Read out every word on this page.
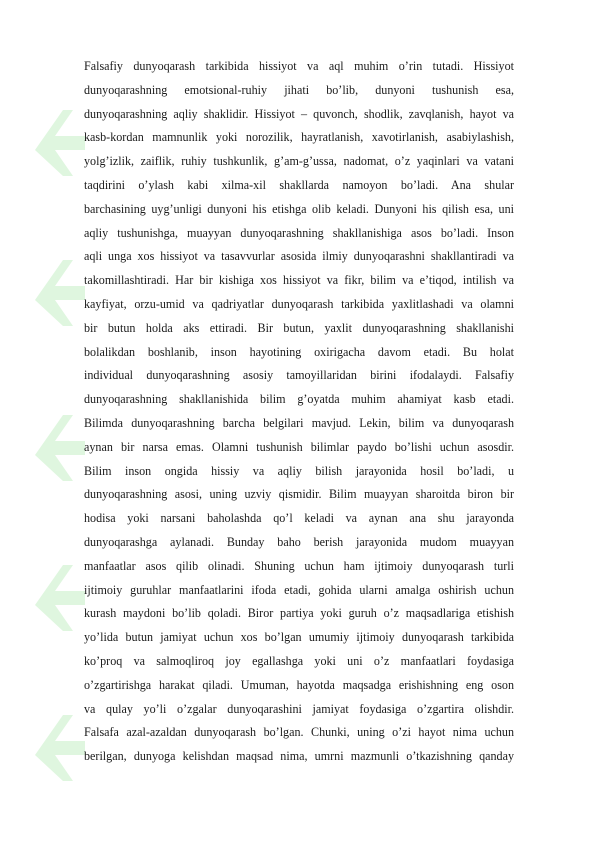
Falsafiy dunyoqarash tarkibida hissiyot va aql muhim o’rin tutadi. Hissiyot
dunyoqarashning emotsional-ruhiy jihati bo’lib, dunyoni tushunish esa,
dunyoqarashning aqliy shaklidir. Hissiyot – quvonch, shodlik, zavqlanish, hayot va
kasb-kordan mamnunlik yoki norozilik, hayratlanish, xavotirlanish, asabiylashish,
yolg’izlik, zaiflik, ruhiy tushkunlik, g’am-g’ussa, nadomat, o’z yaqinlari va vatani
taqdirini o’ylash kabi xilma-xil shakllarda namoyon bo’ladi. Ana shular
barchasining uyg’unligi dunyoni his etishga olib keladi. Dunyoni his qilish esa, uni
aqliy tushunishga, muayyan dunyoqarashning shakllanishiga asos bo’ladi. Inson
aqli unga xos hissiyot va tasavvurlar asosida ilmiy dunyoqarashni shakllantiradi va
takomillashtiradi. Har bir kishiga xos hissiyot va fikr, bilim va e’tiqod, intilish va
kayfiyat, orzu-umid va qadriyatlar dunyoqarash tarkibida yaxlitlashadi va olamni
bir butun holda aks ettiradi. Bir butun, yaxlit dunyoqarashning shakllanishi
bolalikdan boshlanib, inson hayotining oxirigacha davom etadi. Bu holat
individual dunyoqarashning asosiy tamoyillaridan birini ifodalaydi. Falsafiy
dunyoqarashning shakllanishida bilim g’oyatda muhim ahamiyat kasb etadi.
Bilimda dunyoqarashning barcha belgilari mavjud. Lekin, bilim va dunyoqarash
aynan bir narsa emas. Olamni tushunish bilimlar paydo bo’lishi uchun asosdir.
Bilim inson ongida hissiy va aqliy bilish jarayonida hosil bo’ladi, u
dunyoqarashning asosi, uning uzviy qismidir. Bilim muayyan sharoitda biron bir
hodisa yoki narsani baholashda qo’l keladi va aynan ana shu jarayonda
dunyoqarashga aylanadi. Bunday baho berish jarayonida mudom muayyan
manfaatlar asos qilib olinadi. Shuning uchun ham ijtimoiy dunyoqarash turli
ijtimoiy guruhlar manfaatlarini ifoda etadi, gohida ularni amalga oshirish uchun
kurash maydoni bo’lib qoladi. Biror partiya yoki guruh o’z maqsadlariga etishish
yo’lida butun jamiyat uchun xos bo’lgan umumiy ijtimoiy dunyoqarash tarkibida
ko’proq va salmoqliroq joy egallashga yoki uni o’z manfaatlari foydasiga
o’zgartirishga harakat qiladi. Umuman, hayotda maqsadga erishishning eng oson
va qulay yo’li o’zgalar dunyoqarashini jamiyat foydasiga o’zgartira olishdir.
Falsafa azal-azaldan dunyoqarash bo’lgan. Chunki, uning o’zi hayot nima uchun
berilgan, dunyoga kelishdan maqsad nima, umrni mazmunli o’tkazishning qanday
